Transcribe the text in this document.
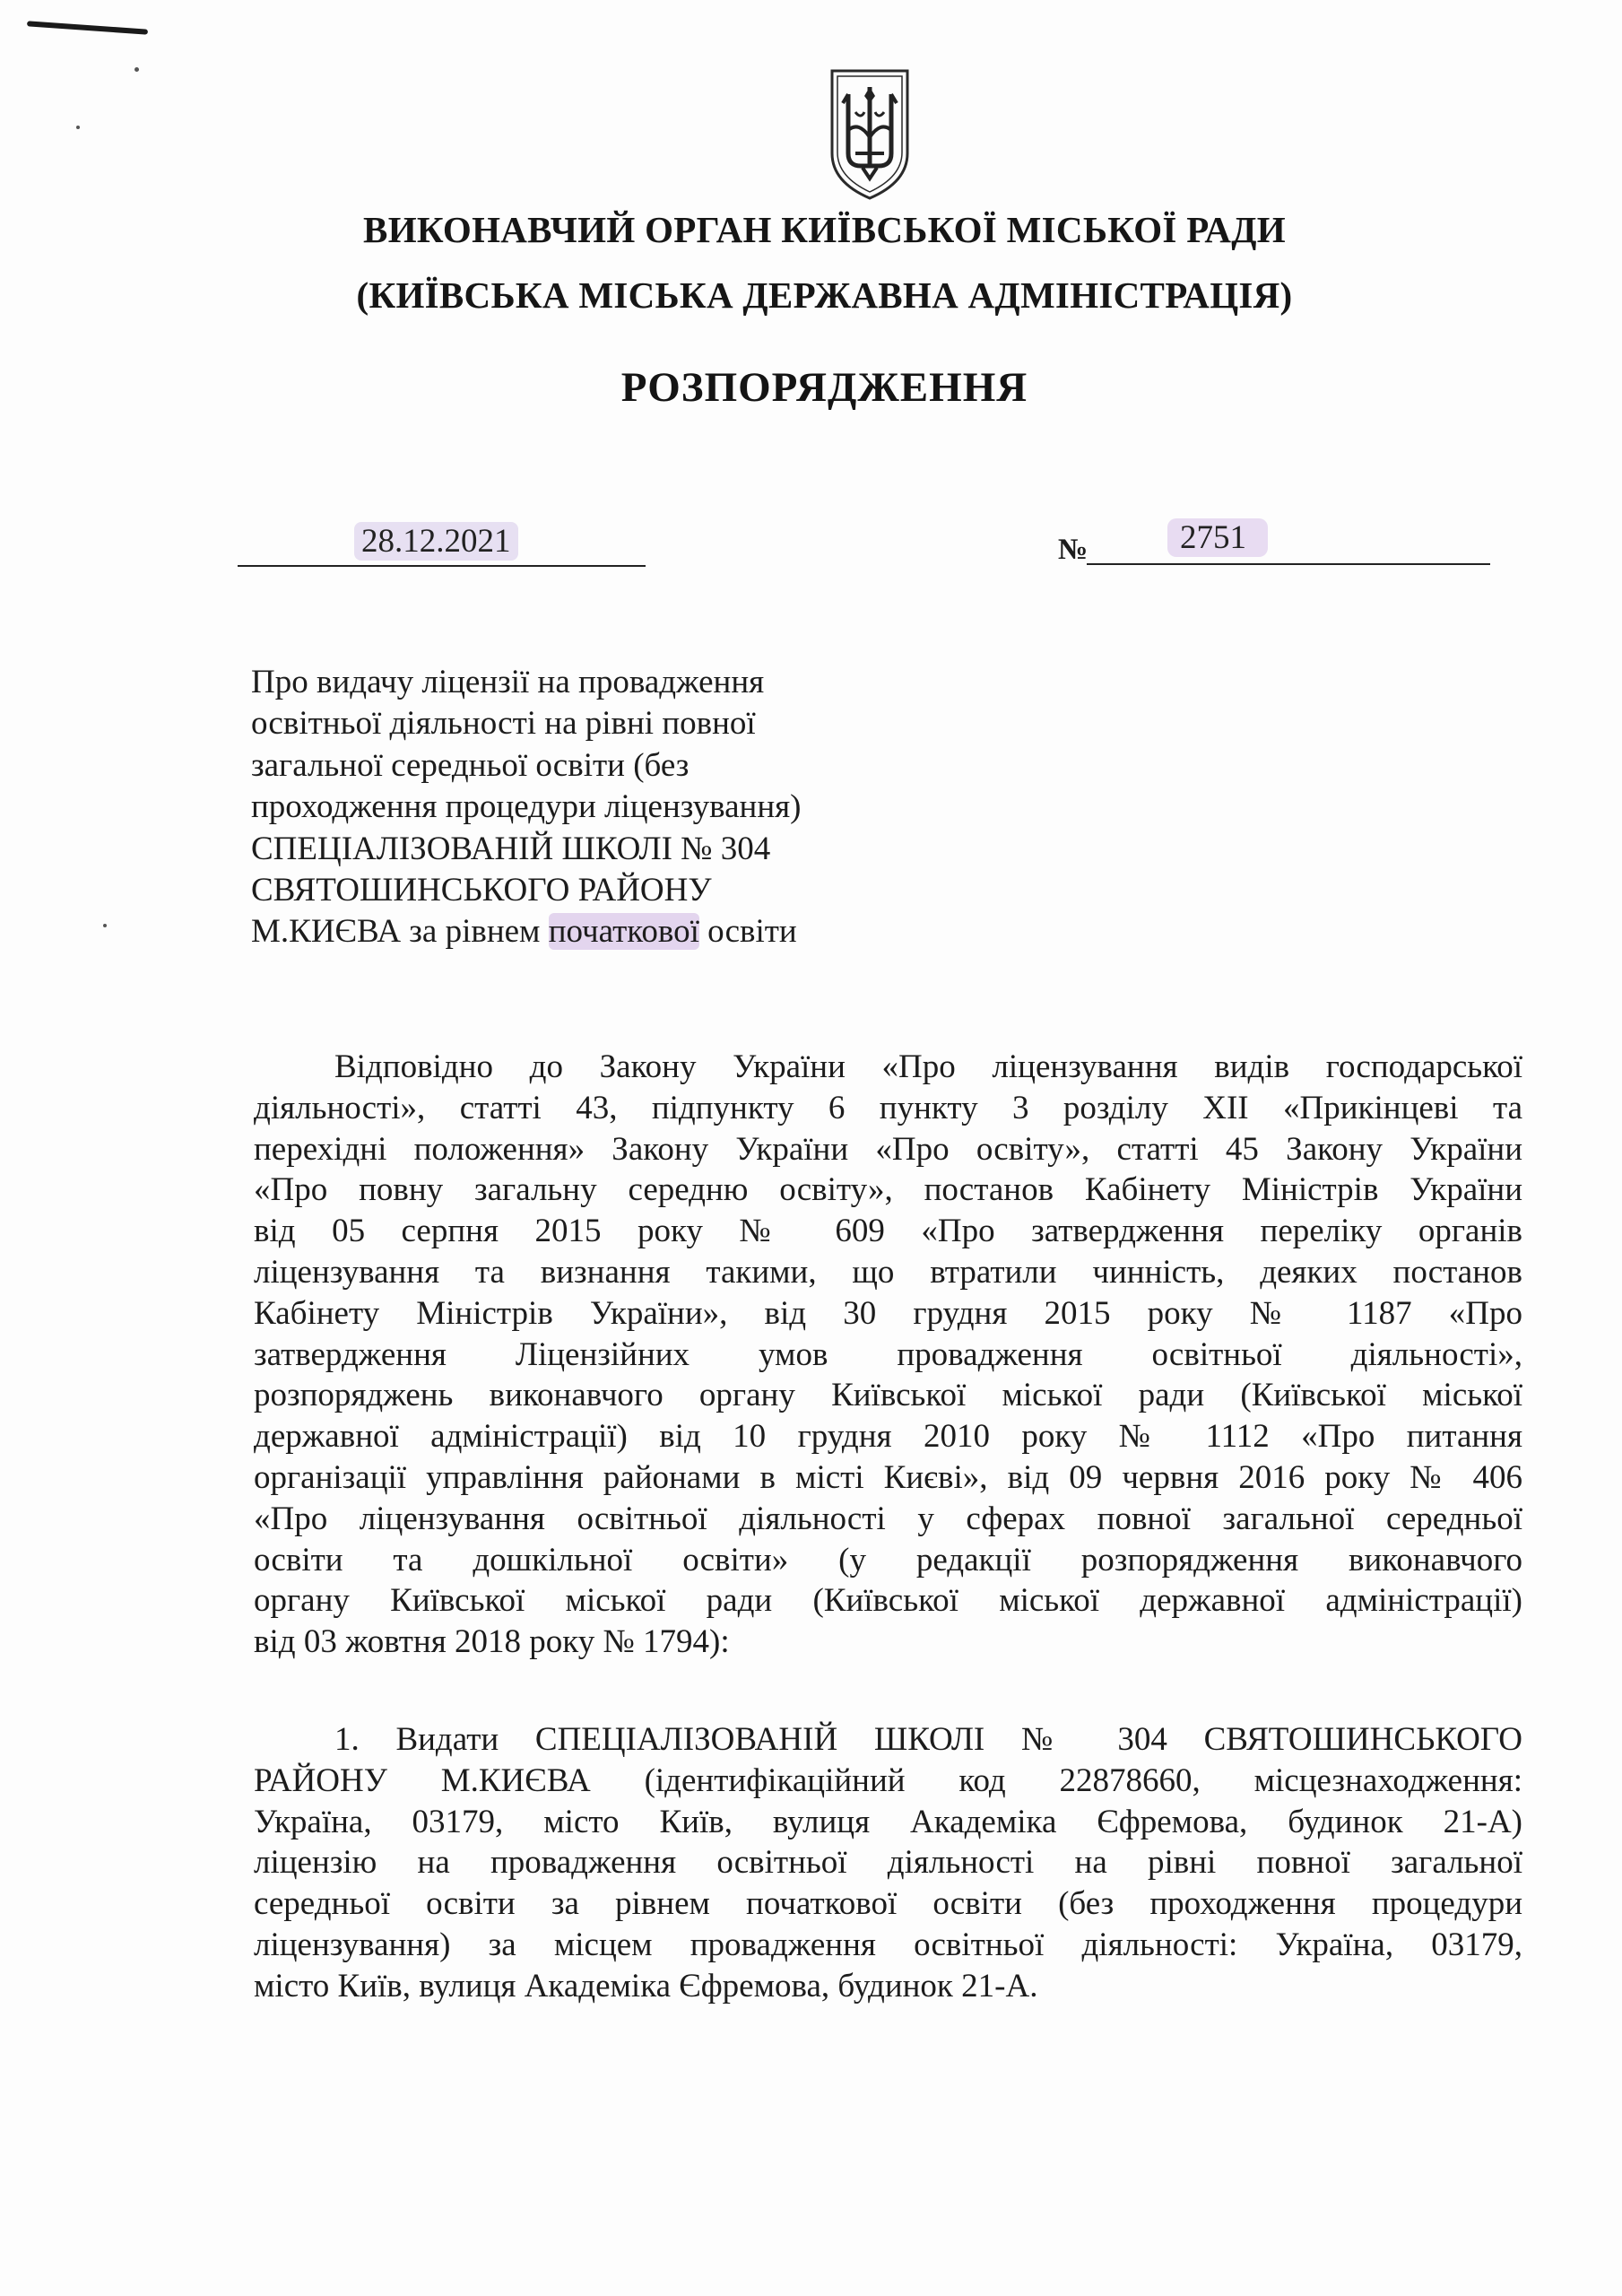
ВИКОНАВЧИЙ ОРГАН КИЇВСЬКОЇ МІСЬКОЇ РАДИ
(КИЇВСЬКА МІСЬКА ДЕРЖАВНА АДМІНІСТРАЦІЯ)
РОЗПОРЯДЖЕННЯ
28.12.2021	№	2751
Про видачу ліцензії на провадження
освітньої діяльності на рівні повної
загальної середньої освіти (без
проходження процедури ліцензування)
СПЕЦІАЛІЗОВАНІЙ ШКОЛІ № 304
СВЯТОШИНСЬКОГО РАЙОНУ
М.КИЄВА за рівнем початкової освіти
Відповідно до Закону України «Про ліцензування видів господарської
діяльності», статті 43, підпункту 6 пункту 3 розділу XII «Прикінцеві та
перехідні положення» Закону України «Про освіту», статті 45 Закону України
«Про повну загальну середню освіту», постанов Кабінету Міністрів України
від 05 серпня 2015 року № 609 «Про затвердження переліку органів
ліцензування та визнання такими, що втратили чинність, деяких постанов
Кабінету Міністрів України», від 30 грудня 2015 року № 1187 «Про
затвердження Ліцензійних умов провадження освітньої діяльності»,
розпоряджень виконавчого органу Київської міської ради (Київської міської
державної адміністрації) від 10 грудня 2010 року № 1112 «Про питання
організації управління районами в місті Києві», від 09 червня 2016 року № 406
«Про ліцензування освітньої діяльності у сферах повної загальної середньої
освіти та дошкільної освіти» (у редакції розпорядження виконавчого
органу Київської міської ради (Київської міської державної адміністрації)
від 03 жовтня 2018 року № 1794):
1. Видати СПЕЦІАЛІЗОВАНІЙ ШКОЛІ № 304 СВЯТОШИНСЬКОГО
РАЙОНУ М.КИЄВА (ідентифікаційний код 22878660, місцезнаходження:
Україна, 03179, місто Київ, вулиця Академіка Єфремова, будинок 21-А)
ліцензію на провадження освітньої діяльності на рівні повної загальної
середньої освіти за рівнем початкової освіти (без проходження процедури
ліцензування) за місцем провадження освітньої діяльності: Україна, 03179,
місто Київ, вулиця Академіка Єфремова, будинок 21-А.
